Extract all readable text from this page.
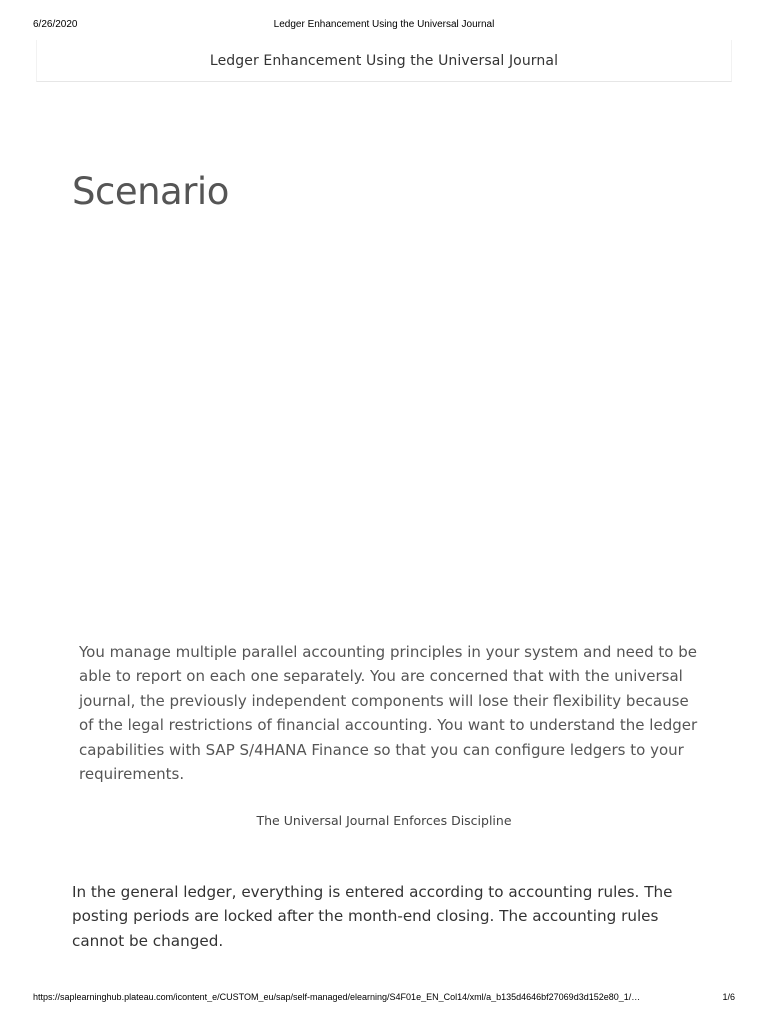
6/26/2020	Ledger Enhancement Using the Universal Journal
Ledger Enhancement Using the Universal Journal
Scenario

You manage multiple parallel accounting principles in your system and need to be able to report on each one separately. You are concerned that with the universal journal, the previously independent components will lose their flexibility because of the legal restrictions of financial accounting. You want to understand the ledger capabilities with SAP S/4HANA Finance so that you can configure ledgers to your requirements.

The Universal Journal Enforces Discipline

In the general ledger, everything is entered according to accounting rules. The posting periods are locked after the month-end closing. The accounting rules cannot be changed.

https://saplearninghub.plateau.com/icontent_e/CUSTOM_eu/sap/self-managed/elearning/S4F01e_EN_Col14/xml/a_b135d4646bf27069d3d152e80_1/…	1/6
